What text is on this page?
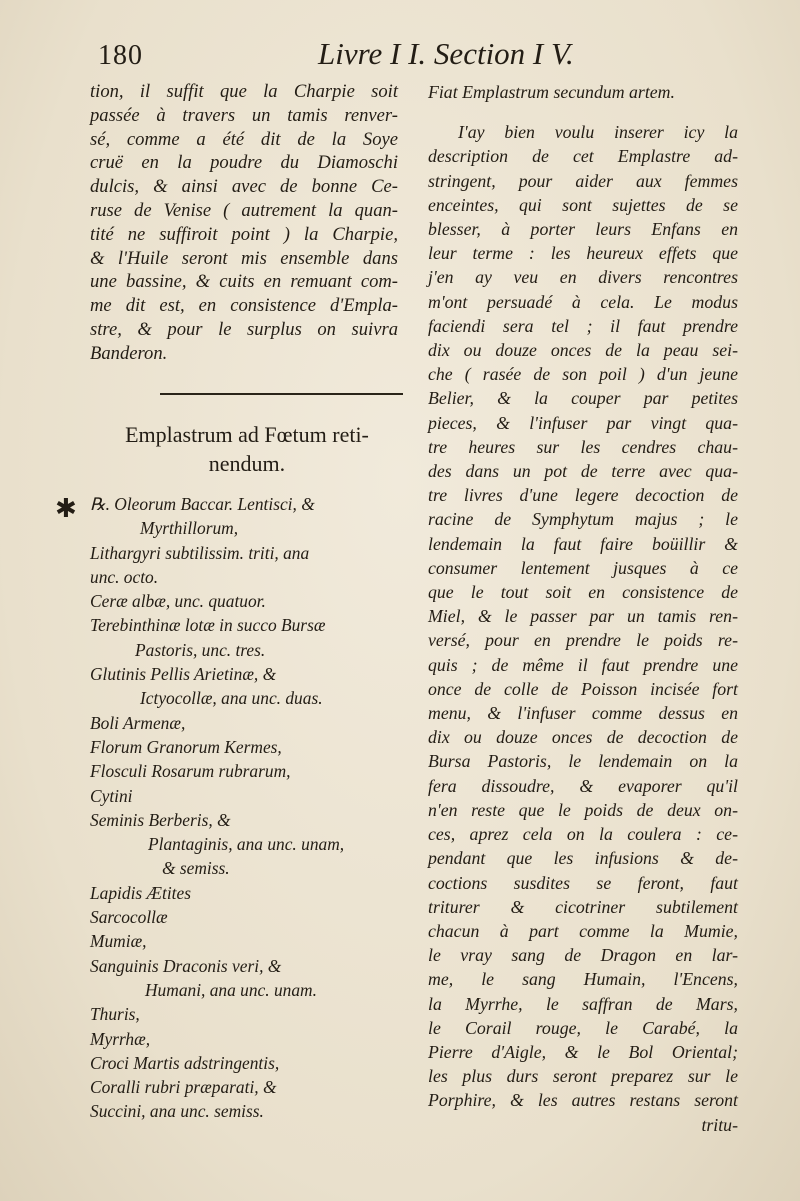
180	Livre I I. Section I V.
tion, il suffit que la Charpie soit
passée à travers un tamis renver-
sé, comme a été dit de la Soye
cruë en la poudre du Diamoschi
dulcis, & ainsi avec de bonne Ce-
ruse de Venise ( autrement la quan-
tité ne suffiroit point ) la Charpie,
& l'Huile seront mis ensemble dans
une bassine, & cuits en remuant com-
me dit est, en consistence d'Empla-
stre, & pour le surplus on suivra
Banderon.
Emplastrum ad Fœtum reti-
nendum.
✱ ℞. Oleorum Baccar. Lentisci, &
Myrthillorum,
Lithargyri subtilissim. triti, ana
unc. octo.
Ceræ albæ, unc. quatuor.
Terebinthinæ lotæ in succo Bursæ
Pastoris, unc. tres.
Glutinis Pellis Arietinæ, &
Ictyocollæ, ana unc. duas.
Boli Armenæ,
Florum Granorum Kermes,
Flosculi Rosarum rubrarum,
Cytini
Seminis Berberis, &
Plantaginis, ana unc. unam,
& semiss.
Lapidis Ætites
Sarcocollæ
Mumiæ,
Sanguinis Draconis veri, &
Humani, ana unc. unam.
Thuris,
Myrrhæ,
Croci Martis adstringentis,
Coralli rubri præparati, &
Succini, ana unc. semiss.
Fiat Emplastrum secundum artem.
I'ay bien voulu inserer icy la
description de cet Emplastre ad-
stringent, pour aider aux femmes
enceintes, qui sont sujettes de se
blesser, à porter leurs Enfans en
leur terme : les heureux effets que
j'en ay veu en divers rencontres
m'ont persuadé à cela. Le modus
faciendi sera tel ; il faut prendre
dix ou douze onces de la peau sei-
che ( rasée de son poil ) d'un jeune
Belier, & la couper par petites
pieces, & l'infuser par vingt qua-
tre heures sur les cendres chau-
des dans un pot de terre avec qua-
tre livres d'une legere decoction de
racine de Symphytum majus ; le
lendemain la faut faire boüillir &
consumer lentement jusques à ce
que le tout soit en consistence de
Miel, & le passer par un tamis ren-
versé, pour en prendre le poids re-
quis ; de même il faut prendre une
once de colle de Poisson incisée fort
menu, & l'infuser comme dessus en
dix ou douze onces de decoction de
Bursa Pastoris, le lendemain on la
fera dissoudre, & evaporer qu'il
n'en reste que le poids de deux on-
ces, aprez cela on la coulera : ce-
pendant que les infusions & de-
coctions susdites se feront, faut
triturer & cicotriner subtilement
chacun à part comme la Mumie,
le vray sang de Dragon en lar-
me, le sang Humain, l'Encens,
la Myrrhe, le saffran de Mars,
le Corail rouge, le Carabé, la
Pierre d'Aigle, & le Bol Oriental;
les plus durs seront preparez sur le
Porphire, & les autres restans seront
tritu-
